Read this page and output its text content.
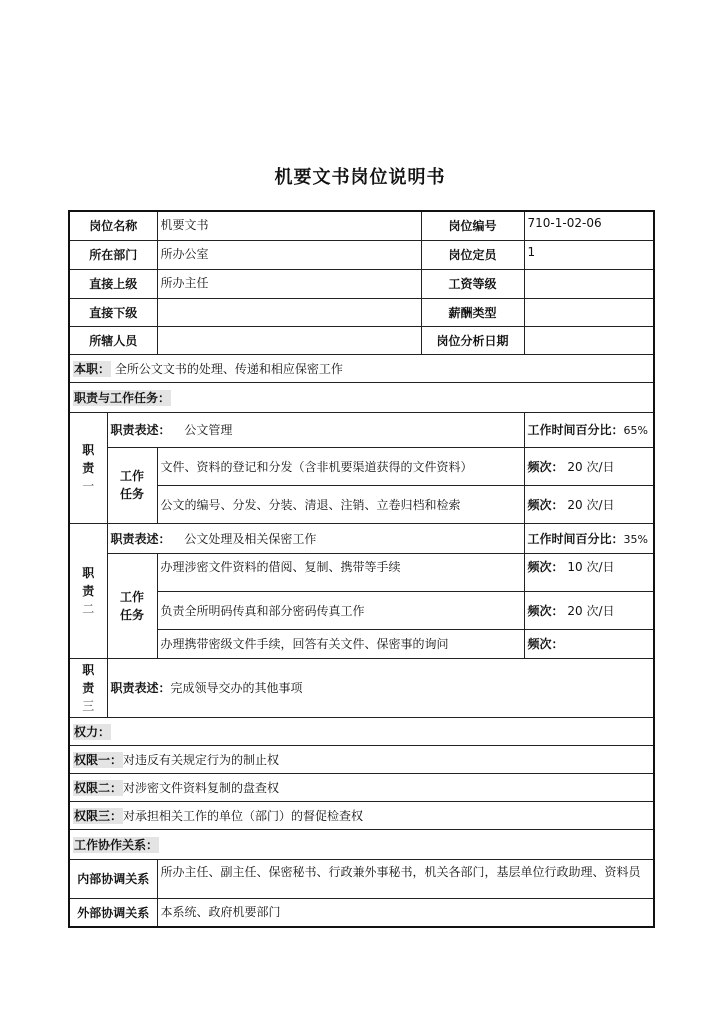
机要文书岗位说明书
岗位名称		机要文书	岗位编号	710-1-02-06
所在部门		所办公室	岗位定员	1
直接上级		所办主任	工资等级	
直接下级			薪酬类型	
所辖人员			岗位分析日期	
本职： 全所公文文书的处理、传递和相应保密工作				
职责与工作任务：				

职
责
一	职责表述： 公文管理			工作时间百分比：65%

	工作
任务	文件、资料的登记和分发（含非机要渠道获得的文件资料）		频次： 20 次/日
		公文的编号、分发、分装、清退、注销、立卷归档和检索		频次： 20 次/日

职
责
二	职责表述： 公文处理及相关保密工作			工作时间百分比：35%

	工作
任务	办理涉密文件资料的借阅、复制、携带等手续		频次： 10 次/日
		负责全所明码传真和部分密码传真工作		频次： 20 次/日
		办理携带密级文件手续，回答有关文件、保密事的询问		频次：

职
责
三	职责表述：完成领导交办的其他事项			
权力：				
权限一：对违反有关规定行为的制止权				
权限二：对涉密文件资料复制的盘查权				
权限三：对承担相关工作的单位（部门）的督促检查权				
工作协作关系：				
内部协调关系		所办主任、副主任、保密秘书、行政兼外事秘书，机关各部门，基层单位行政助理、资料员		
外部协调关系		本系统、政府机要部门		
